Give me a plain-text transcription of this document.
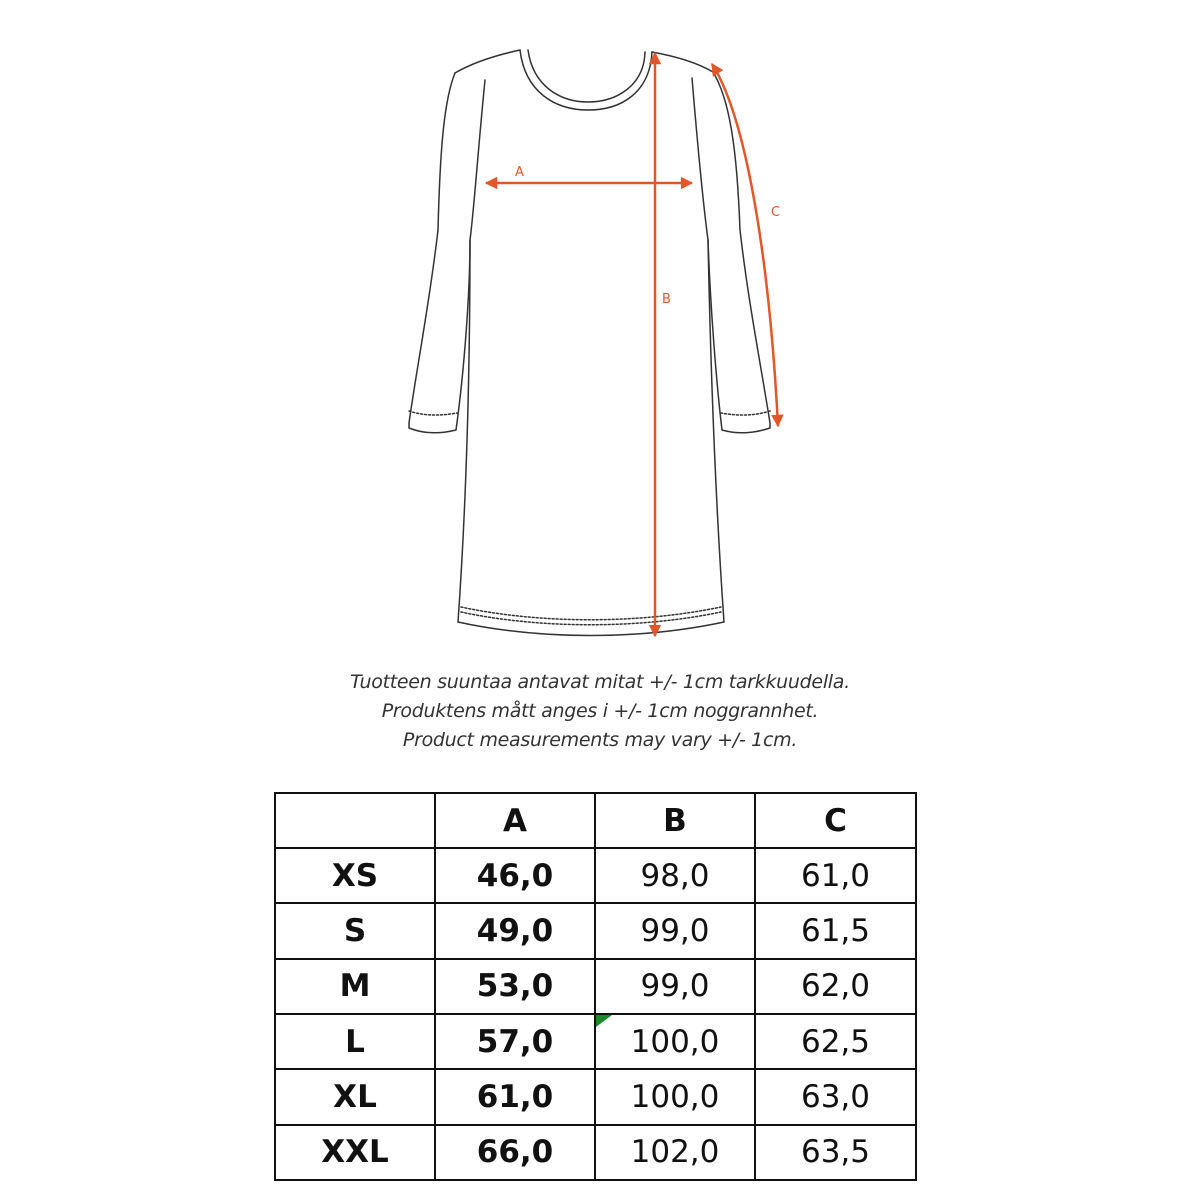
A
B
C
Tuotteen suuntaa antavat mitat +/- 1cm tarkkuudella.
Produktens mått anges i +/- 1cm noggrannhet.
Product measurements may vary +/- 1cm.
	A	B	C
XS	46,0	98,0	61,0
S	49,0	99,0	61,5
M	53,0	99,0	62,0
L	57,0	100,0	62,5
XL	61,0	100,0	63,0
XXL	66,0	102,0	63,5
